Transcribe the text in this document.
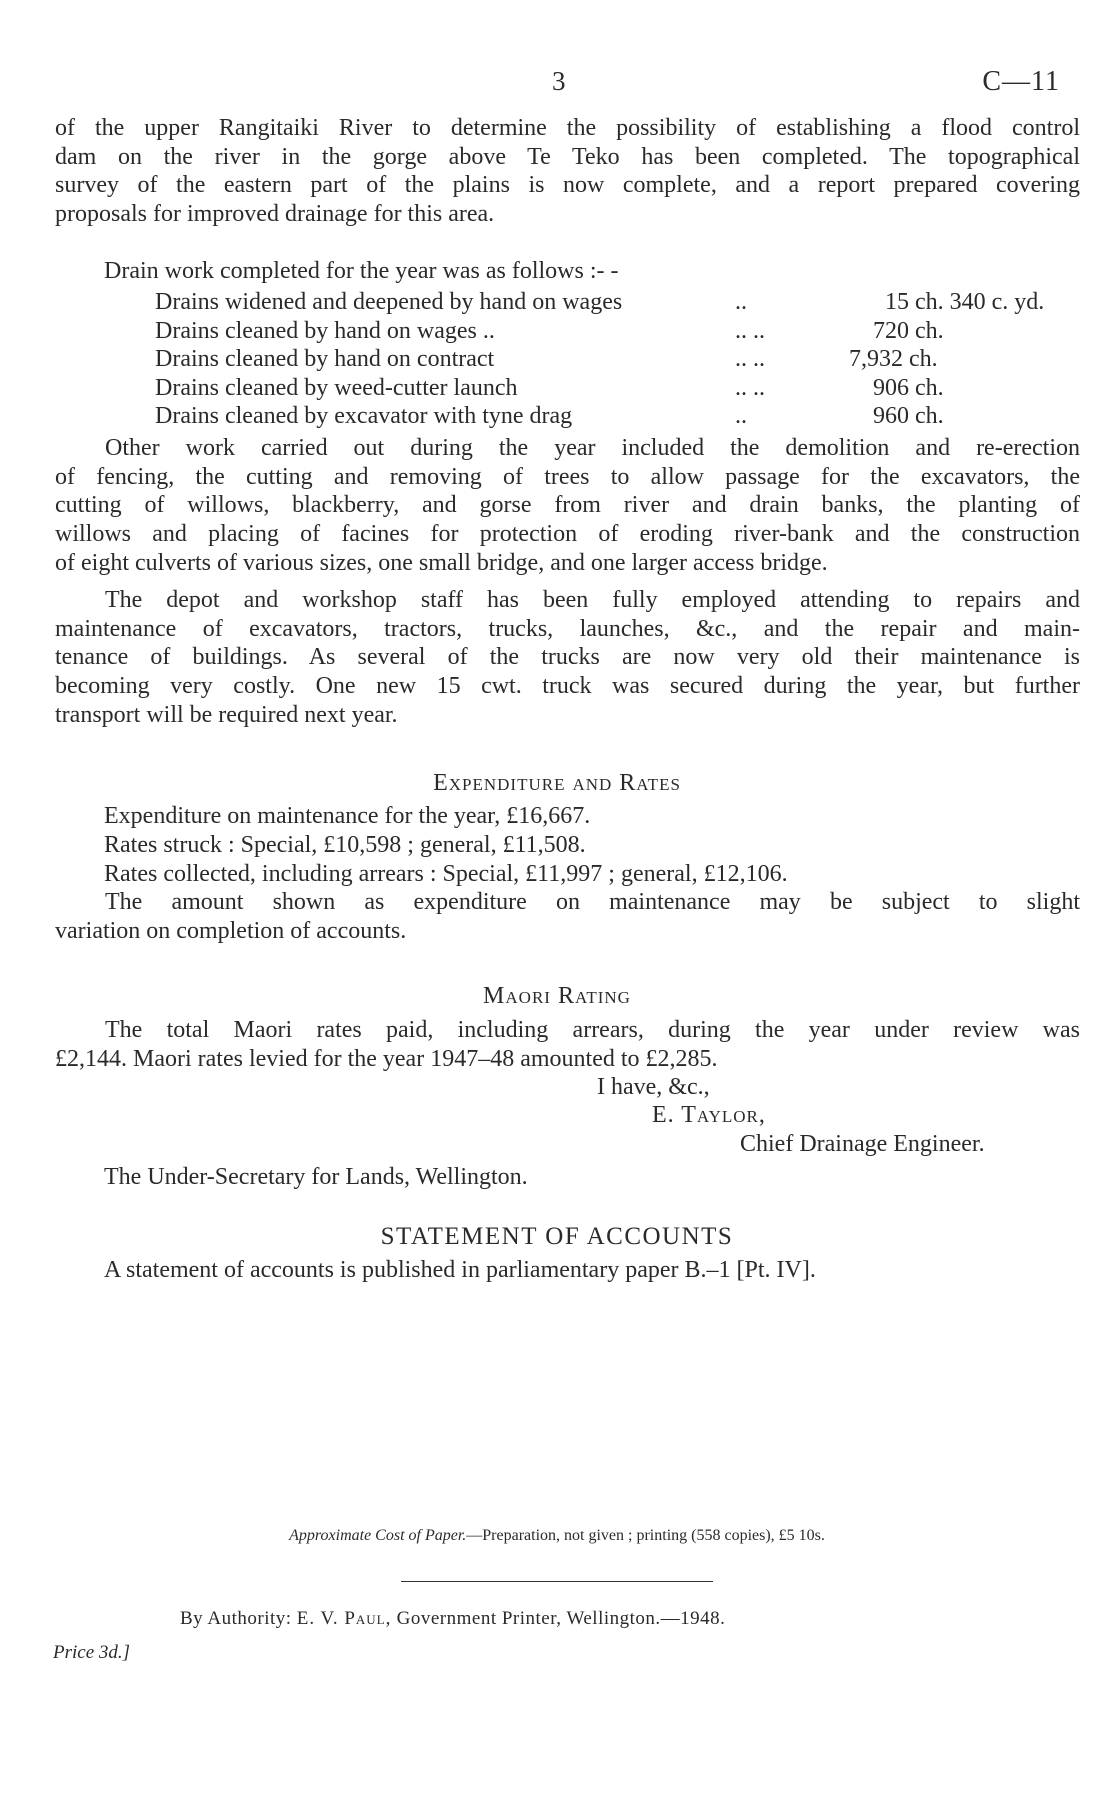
3	C—11
of the upper Rangitaiki River to determine the possibility of establishing a flood control
dam on the river in the gorge above Te Teko has been completed. The topographical
survey of the eastern part of the plains is now complete, and a report prepared covering
proposals for improved drainage for this area.
Drain work completed for the year was as follows :- -
Drains widened and deepened by hand on wages	..	15 ch. 340 c. yd.
Drains cleaned by hand on wages ..	.. ..	720 ch.
Drains cleaned by hand on contract	.. ..	7,932 ch.
Drains cleaned by weed-cutter launch	.. ..	906 ch.
Drains cleaned by excavator with tyne drag	..	960 ch.
Other work carried out during the year included the demolition and re-erection
of fencing, the cutting and removing of trees to allow passage for the excavators, the
cutting of willows, blackberry, and gorse from river and drain banks, the planting of
willows and placing of facines for protection of eroding river-bank and the construction
of eight culverts of various sizes, one small bridge, and one larger access bridge.
The depot and workshop staff has been fully employed attending to repairs and
maintenance of excavators, tractors, trucks, launches, &c., and the repair and main-
tenance of buildings. As several of the trucks are now very old their maintenance is
becoming very costly. One new 15 cwt. truck was secured during the year, but further
transport will be required next year.
Expenditure and Rates
Expenditure on maintenance for the year, £16,667.
Rates struck : Special, £10,598 ; general, £11,508.
Rates collected, including arrears : Special, £11,997 ; general, £12,106.
The amount shown as expenditure on maintenance may be subject to slight
variation on completion of accounts.
Maori Rating
The total Maori rates paid, including arrears, during the year under review was
£2,144. Maori rates levied for the year 1947–48 amounted to £2,285.
I have, &c.,
E. Taylor,
Chief Drainage Engineer.
The Under-Secretary for Lands, Wellington.
STATEMENT OF ACCOUNTS
A statement of accounts is published in parliamentary paper B.–1 [Pt. IV].
Approximate Cost of Paper.—Preparation, not given ; printing (558 copies), £5 10s.
By Authority: E. V. Paul, Government Printer, Wellington.—1948.
Price 3d.]
